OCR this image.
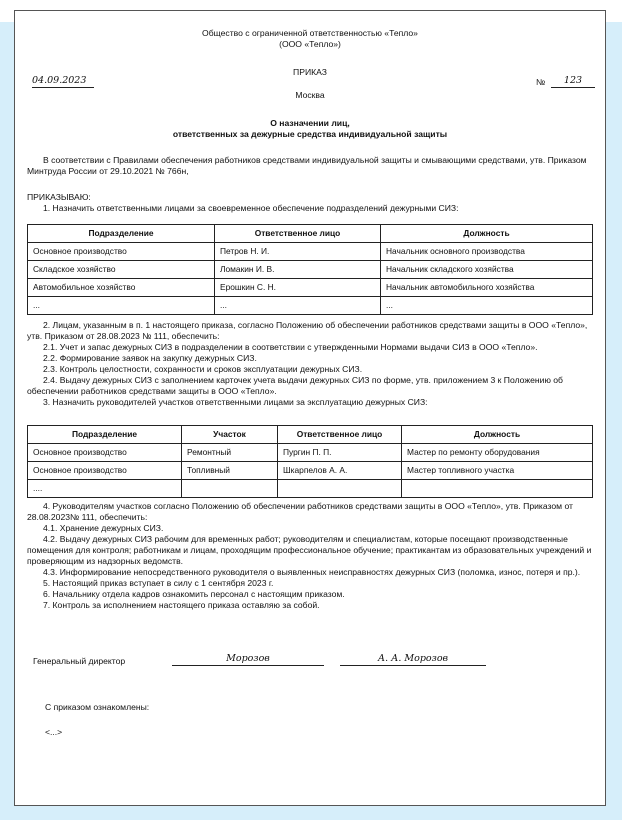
Общество с ограниченной ответственностью «Тепло»
(ООО «Тепло»)
ПРИКАЗ
04.09.2023	№	123
Москва
О назначении лиц,
ответственных за дежурные средства индивидуальной защиты

В соответствии с Правилами обеспечения работников средствами индивидуальной защиты и смывающими средствами, утв. Приказом Минтруда России от 29.10.2021 № 766н,

ПРИКАЗЫВАЮ:

1. Назначить ответственными лицами за своевременное обеспечение подразделений дежурными СИЗ:

Подразделение	Ответственное лицо	Должность
Основное производство	Петров Н. И.	Начальник основного производства
Складское хозяйство	Ломакин И. В.	Начальник складского хозяйства
Автомобильное хозяйство	Ерошкин С. Н.	Начальник автомобильного хозяйства
...	...	...

2. Лицам, указанным в п. 1 настоящего приказа, согласно Положению об обеспечении работников средствами защиты в ООО «Тепло», утв. Приказом от 28.08.2023 № 111, обеспечить:

2.1. Учет и запас дежурных СИЗ в подразделении в соответствии с утвержденными Нормами выдачи СИЗ в ООО «Тепло».

2.2. Формирование заявок на закупку дежурных СИЗ.

2.3. Контроль целостности, сохранности и сроков эксплуатации дежурных СИЗ.

2.4. Выдачу дежурных СИЗ с заполнением карточек учета выдачи дежурных СИЗ по форме, утв. приложением 3 к Положению об обеспечении работников средствами защиты в ООО «Тепло».

3. Назначить руководителей участков ответственными лицами за эксплуатацию дежурных СИЗ:

Подразделение	Участок	Ответственное лицо	Должность
Основное производство	Ремонтный	Пургин П. П.	Мастер по ремонту оборудования
Основное производство	Топливный	Шкарпелов А. А.	Мастер топливного участка
....			

4. Руководителям участков согласно Положению об обеспечении работников средствами защиты в ООО «Тепло», утв. Приказом от 28.08.2023№ 111, обеспечить:

4.1. Хранение дежурных СИЗ.

4.2. Выдачу дежурных СИЗ рабочим для временных работ; руководителям и специалистам, которые посещают производственные помещения для контроля; работникам и лицам, проходящим профессиональное обучение; практикантам из образовательных учреждений и проверяющим из надзорных ведомств.

4.3. Информирование непосредственного руководителя о выявленных неисправностях дежурных СИЗ (поломка, износ, потеря и пр.).

5. Настоящий приказ вступает в силу с 1 сентября 2023 г.

6. Начальнику отдела кадров ознакомить персонал с настоящим приказом.

7. Контроль за исполнением настоящего приказа оставляю за собой.

Генеральный директор	Морозов	А. А. Морозов
С приказом ознакомлены:
<...>
